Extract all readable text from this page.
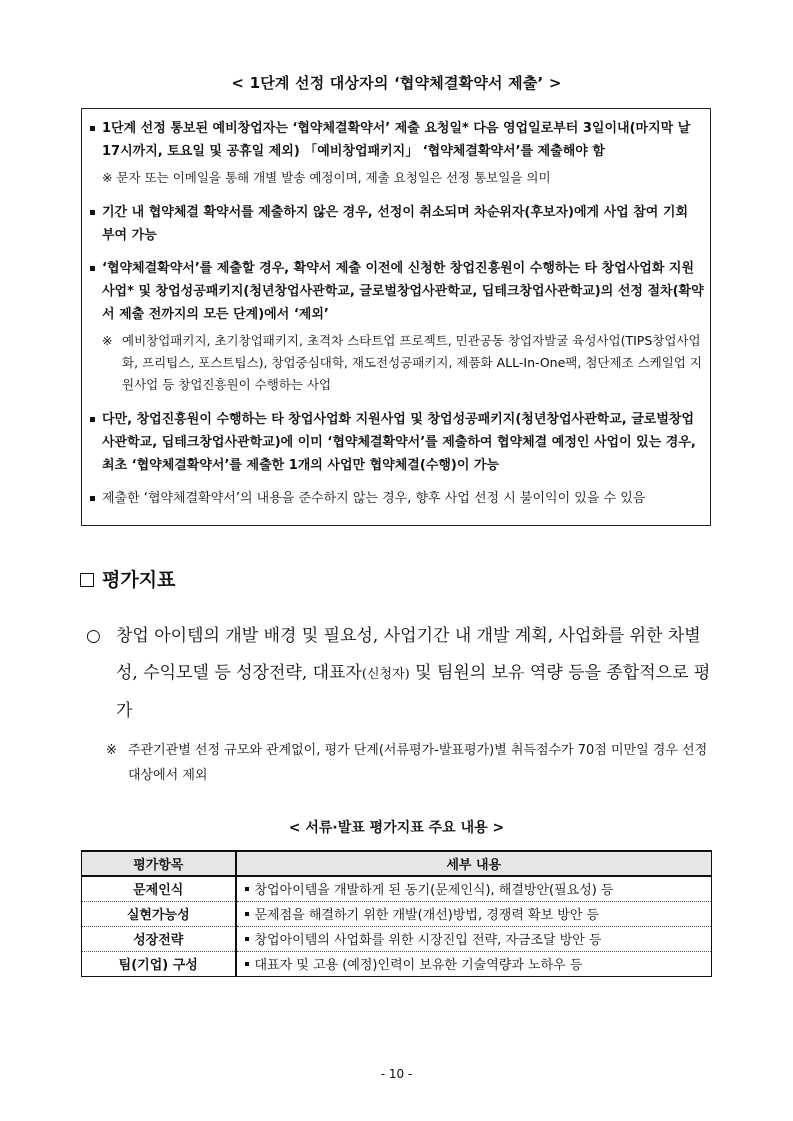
< 1단계 선정 대상자의 ‘협약체결확약서 제출’ >
1단계 선정 통보된 예비창업자는 ‘협약체결확약서’ 제출 요청일* 다음 영업일로부터 3일이내(마지막 날 17시까지, 토요일 및 공휴일 제외) 「예비창업패키지」 ‘협약체결확약서’를 제출해야 함
※ 문자 또는 이메일을 통해 개별 발송 예정이며, 제출 요청일은 선정 통보일을 의미
기간 내 협약체결 확약서를 제출하지 않은 경우, 선정이 취소되며 차순위자(후보자)에게 사업 참여 기회 부여 가능
‘협약체결확약서’를 제출할 경우, 확약서 제출 이전에 신청한 창업진흥원이 수행하는 타 창업사업화 지원사업* 및 창업성공패키지(청년창업사관학교, 글로벌창업사관학교, 딥테크창업사관학교)의 선정 절차(확약서 제출 전까지의 모든 단계)에서 ‘제외’
※ 예비창업패키지, 초기창업패키지, 초격차 스타트업 프로젝트, 민관공동 창업자발굴 육성사업(TIPS창업사업화, 프리팁스, 포스트팁스), 창업중심대학, 재도전성공패키지, 제품화 ALL-In-One팩, 첨단제조 스케일업 지원사업 등 창업진흥원이 수행하는 사업
다만, 창업진흥원이 수행하는 타 창업사업화 지원사업 및 창업성공패키지(청년창업사관학교, 글로벌창업사관학교, 딥테크창업사관학교)에 이미 ‘협약체결확약서’를 제출하여 협약체결 예정인 사업이 있는 경우, 최초 ‘협약체결확약서’를 제출한 1개의 사업만 협약체결(수행)이 가능
제출한 ‘협약체결확약서’의 내용을 준수하지 않는 경우, 향후 사업 선정 시 불이익이 있을 수 있음
평가지표
○ 창업 아이템의 개발 배경 및 필요성, 사업기간 내 개발 계획, 사업화를 위한 차별성, 수익모델 등 성장전략, 대표자(신청자) 및 팀원의 보유 역량 등을 종합적으로 평가
※ 주관기관별 선정 규모와 관계없이, 평가 단계(서류평가-발표평가)별 취득점수가 70점 미만일 경우 선정 대상에서 제외
< 서류·발표 평가지표 주요 내용 >
평가항목	세부 내용
문제인식	창업아이템을 개발하게 된 동기(문제인식), 해결방안(필요성) 등
실현가능성	문제점을 해결하기 위한 개발(개선)방법, 경쟁력 확보 방안 등
성장전략	창업아이템의 사업화를 위한 시장진입 전략, 자금조달 방안 등
팀(기업) 구성	대표자 및 고용 (예정)인력이 보유한 기술역량과 노하우 등
- 10 -
